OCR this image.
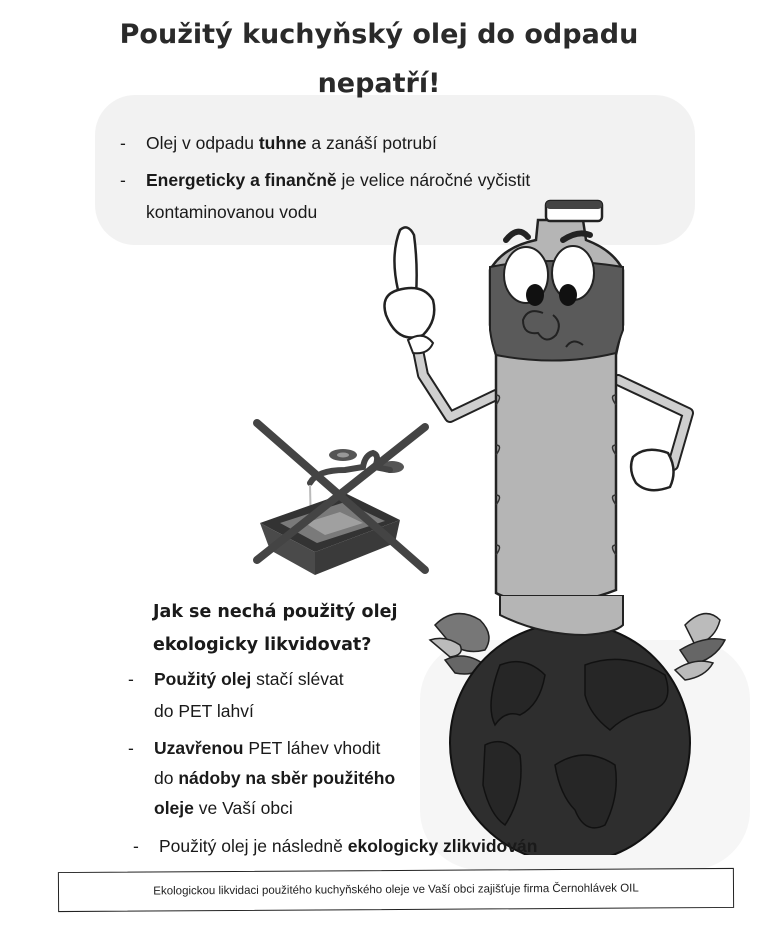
Použitý kuchyňský olej do odpadu
nepatří!
- Olej v odpadu tuhne a zanáší potrubí
- Energeticky a finančně je velice náročné vyčistit
kontaminovanou vodu
Jak se nechá použitý olej
ekologicky likvidovat?
- Použitý olej stačí slévat
do PET lahví
- Uzavřenou PET láhev vhodit
do nádoby na sběr použitého
oleje ve Vaší obci
- Použitý olej je následně ekologicky zlikvidován
Ekologickou likvidaci použitého kuchyňského oleje ve Vaší obci zajišťuje firma Černohlávek OIL
